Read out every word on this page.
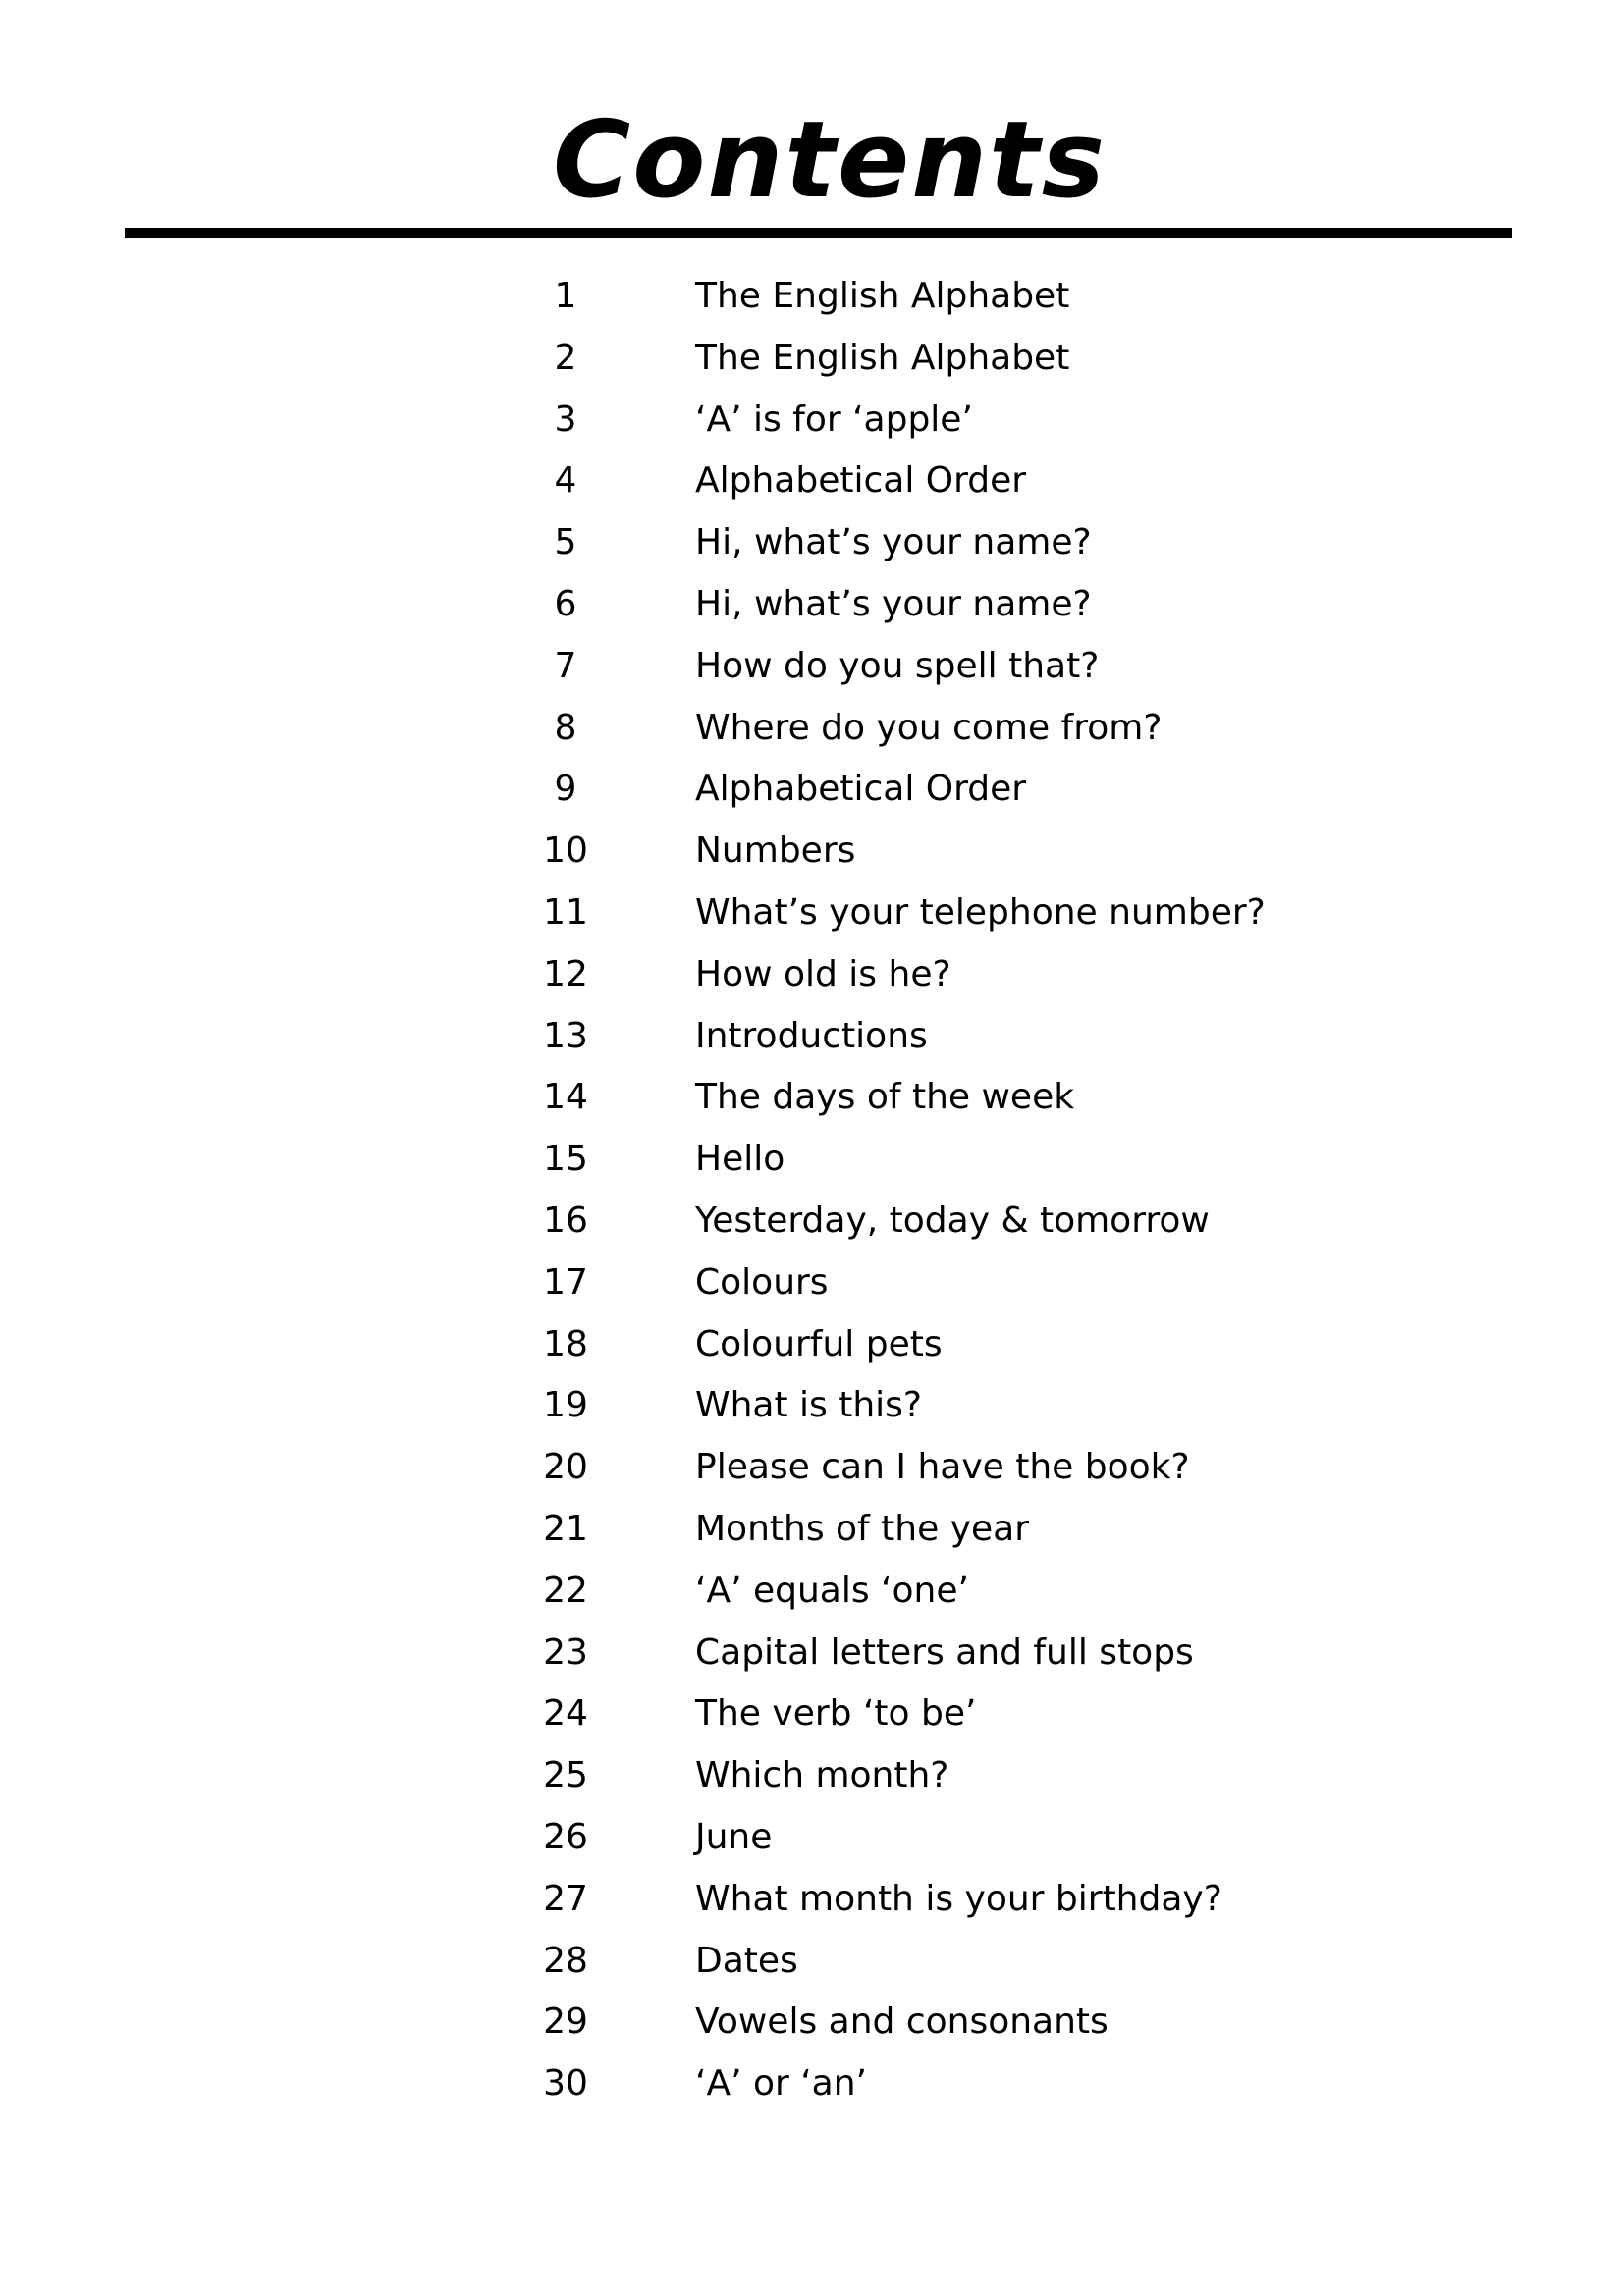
Contents
1	The English Alphabet
2	The English Alphabet
3	‘A’ is for ‘apple’
4	Alphabetical Order
5	Hi, what’s your name?
6	Hi, what’s your name?
7	How do you spell that?
8	Where do you come from?
9	Alphabetical Order
10	Numbers
11	What’s your telephone number?
12	How old is he?
13	Introductions
14	The days of the week
15	Hello
16	Yesterday, today & tomorrow
17	Colours
18	Colourful pets
19	What is this?
20	Please can I have the book?
21	Months of the year
22	‘A’ equals ‘one’
23	Capital letters and full stops
24	The verb ‘to be’
25	Which month?
26	June
27	What month is your birthday?
28	Dates
29	Vowels and consonants
30	‘A’ or ‘an’
